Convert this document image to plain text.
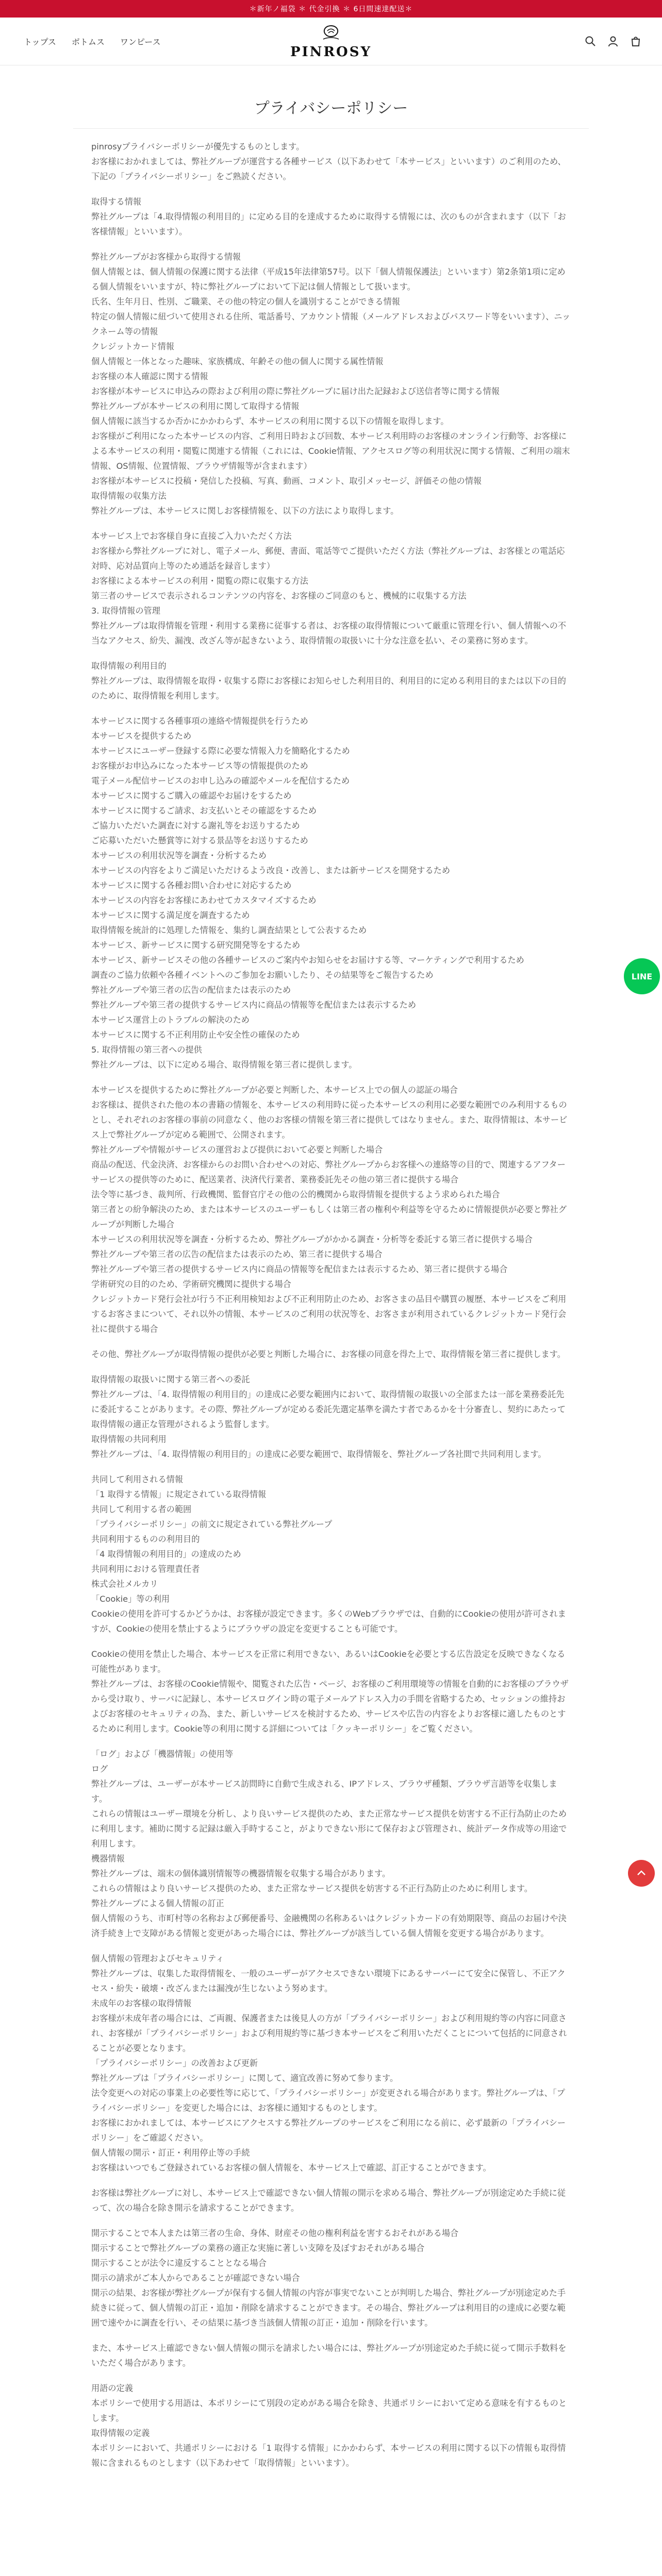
＊新年ノ福袋 ＊ 代金引換 ＊ 6日間速達配送＊
トップス ボトムス ワンピース
PINROSY
プライバシーポリシー

pinrosyプライバシーポリシーが優先するものとします。

お客様におかれましては、弊社グループが運営する各種サービス（以下あわせて「本サービス」といいます）のご利用のため、下記の「プライバシーポリシー」をご熟読ください。

取得する情報

弊社グループは「4.取得情報の利用目的」に定める目的を達成するために取得する情報には、次のものが含まれます（以下「お客様情報」といいます）。

弊社グループがお客様から取得する情報

個人情報とは、個人情報の保護に関する法律（平成15年法律第57号。以下「個人情報保護法」といいます）第2条第1項に定める個人情報をいいますが、特に弊社グループにおいて下記は個人情報として扱います。

氏名、生年月日、性別、ご職業、その他の特定の個人を識別することができる情報

特定の個人情報に紐づいて使用される住所、電話番号、アカウント情報（メールアドレスおよびパスワード等をいいます）、ニックネーム等の情報

クレジットカード情報

個人情報と一体となった趣味、家族構成、年齢その他の個人に関する属性情報

お客様の本人確認に関する情報

お客様が本サービスに申込みの際および利用の際に弊社グループに届け出た記録および送信者等に関する情報

弊社グループが本サービスの利用に関して取得する情報

個人情報に該当するか否かにかかわらず、本サービスの利用に関する以下の情報を取得します。

お客様がご利用になった本サービスの内容、ご利用日時および回数、本サービス利用時のお客様のオンライン行動等、お客様による本サービスの利用・閲覧に関連する情報（これには、Cookie情報、アクセスログ等の利用状況に関する情報、ご利用の端末情報、OS情報、位置情報、ブラウザ情報等が含まれます）

お客様が本サービスに投稿・発信した投稿、写真、動画、コメント、取引メッセージ、評価その他の情報

取得情報の収集方法

弊社グループは、本サービスに関しお客様情報を、以下の方法により取得します。

本サービス上でお客様自身に直接ご入力いただく方法

お客様から弊社グループに対し、電子メール、郵便、書面、電話等でご提供いただく方法（弊社グループは、お客様との電話応対時、応対品質向上等のため通話を録音します）

お客様による本サービスの利用・閲覧の際に収集する方法

第三者のサービスで表示されるコンテンツの内容を、お客様のご同意のもと、機械的に収集する方法

3. 取得情報の管理

弊社グループは取得情報を管理・利用する業務に従事する者は、お客様の取得情報について厳重に管理を行い、個人情報への不当なアクセス、紛失、漏洩、改ざん等が起きないよう、取得情報の取扱いに十分な注意を払い、その業務に努めます。

取得情報の利用目的

弊社グループは、取得情報を取得・収集する際にお客様にお知らせした利用目的、利用目的に定める利用目的または以下の目的のために、取得情報を利用します。

本サービスに関する各種事項の連絡や情報提供を行うため

本サービスを提供するため

本サービスにユーザー登録する際に必要な情報入力を簡略化するため

お客様がお申込みになった本サービス等の情報提供のため

電子メール配信サービスのお申し込みの確認やメールを配信するため

本サービスに関するご購入の確認やお届けをするため

本サービスに関するご請求、お支払いとその確認をするため

ご協力いただいた調査に対する謝礼等をお送りするため

ご応募いただいた懸賞等に対する景品等をお送りするため

本サービスの利用状況等を調査・分析するため

本サービスの内容をよりご満足いただけるよう改良・改善し、または新サービスを開発するため

本サービスに関する各種お問い合わせに対応するため

本サービスの内容をお客様にあわせてカスタマイズするため

本サービスに関する満足度を調査するため

取得情報を統計的に処理した情報を、集約し調査結果として公表するため

本サービス、新サービスに関する研究開発等をするため

本サービス、新サービスその他の各種サービスのご案内やお知らせをお届けする等、マーケティングで利用するため

調査のご協力依頼や各種イベントへのご参加をお願いしたり、その結果等をご報告するため

弊社グループや第三者の広告の配信または表示のため

弊社グループや第三者の提供するサービス内に商品の情報等を配信または表示するため

本サービス運営上のトラブルの解決のため

本サービスに関する不正利用防止や安全性の確保のため

5. 取得情報の第三者への提供

弊社グループは、以下に定める場合、取得情報を第三者に提供します。

本サービスを提供するために弊社グループが必要と判断した、本サービス上での個人の認証の場合

お客様は、提供された他の本の書籍の情報を、本サービスの利用時に従った本サービスの利用に必要な範囲でのみ利用するものとし、それぞれのお客様の事前の同意なく、他のお客様の情報を第三者に提供してはなりません。また、取得情報は、本サービス上で弊社グループが定める範囲で、公開されます。

弊社グループや情報がサービスの運営および提供において必要と判断した場合

商品の配送、代金決済、お客様からのお問い合わせへの対応、弊社グループからお客様への連絡等の目的で、関連するアフターサービスの提供等のために、配送業者、決済代行業者、業務委託先その他の第三者に提供する場合

法令等に基づき、裁判所、行政機関、監督官庁その他の公的機関から取得情報を提供するよう求められた場合

第三者との紛争解決のため、または本サービスのユーザーもしくは第三者の権利や利益等を守るために情報提供が必要と弊社グループが判断した場合

本サービスの利用状況等を調査・分析するため、弊社グループがかかる調査・分析等を委託する第三者に提供する場合

弊社グループや第三者の広告の配信または表示のため、第三者に提供する場合

弊社グループや第三者の提供するサービス内に商品の情報等を配信または表示するため、第三者に提供する場合

学術研究の目的のため、学術研究機関に提供する場合

クレジットカード発行会社が行う不正利用検知および不正利用防止のため、お客さまの品目や購買の履歴、本サービスをご利用するお客さまについて、それ以外の情報、本サービスのご利用の状況等を、お客さまが利用されているクレジットカード発行会社に提供する場合

その他、弊社グループが取得情報の提供が必要と判断した場合に、お客様の同意を得た上で、取得情報を第三者に提供します。

取得情報の取扱いに関する第三者への委託

弊社グループは、「4. 取得情報の利用目的」の達成に必要な範囲内において、取得情報の取扱いの全部または一部を業務委託先に委託することがあります。その際、弊社グループが定める委託先選定基準を満たす者であるかを十分審査し、契約にあたって取得情報の適正な管理がされるよう監督します。

取得情報の共同利用

弊社グループは、「4. 取得情報の利用目的」の達成に必要な範囲で、取得情報を、弊社グループ各社間で共同利用します。

共同して利用される情報

「1 取得する情報」に規定されている取得情報

共同して利用する者の範囲

「プライバシーポリシー」の前文に規定されている弊社グループ

共同利用するものの利用目的

「4 取得情報の利用目的」の達成のため

共同利用における管理責任者

株式会社メルカリ

「Cookie」等の利用

Cookieの使用を許可するかどうかは、お客様が設定できます。多くのWebブラウザでは、自動的にCookieの使用が許可されますが、Cookieの使用を禁止するようにブラウザの設定を変更することも可能です。

Cookieの使用を禁止した場合、本サービスを正常に利用できない、あるいはCookieを必要とする広告設定を反映できなくなる可能性があります。

弊社グループは、お客様のCookie情報や、閲覧された広告・ページ、お客様のご利用環境等の情報を自動的にお客様のブラウザから受け取り、サーバに記録し、本サービスログイン時の電子メールアドレス入力の手間を省略するため、セッションの維持およびお客様のセキュリティの為、また、新しいサービスを検討するため、サービスや広告の内容をよりお客様に適したものとするために利用します。Cookie等の利用に関する詳細については「クッキーポリシー」をご覧ください。

「ログ」および「機器情報」の使用等

ログ

弊社グループは、ユーザーが本サービス訪問時に自動で生成される、IPアドレス、ブラウザ種類、ブラウザ言語等を収集します。

これらの情報はユーザー環境を分析し、より良いサービス提供のため、また正常なサービス提供を妨害する不正行為防止のために利用します。補助に関する記録は厳入手時すること，がよりできない形にて保存および管理され、統計データ作成等の用途で利用します。

機器情報

弊社グループは、端末の個体識別情報等の機器情報を収集する場合があります。

これらの情報はより良いサービス提供のため、また正常なサービス提供を妨害する不正行為防止のために利用します。

弊社グループによる個人情報の訂正

個人情報のうち、市町村等の名称および郵便番号、金融機関の名称あるいはクレジットカードの有効期限等、商品のお届けや決済手続き上で支障がある情報と変更があった場合には、弊社グループが該当している個人情報を変更する場合があります。

個人情報の管理およびセキュリティ

弊社グループは、収集した取得情報を、一般のユーザーがアクセスできない環境下にあるサーバーにて安全に保管し、不正アクセス・紛失・破壊・改ざんまたは漏洩が生じないよう努めます。

未成年のお客様の取得情報

お客様が未成年者の場合には、ご両親、保護者または後見人の方が「プライバシーポリシー」および利用規約等の内容に同意され、お客様が「プライバシーポリシー」および利用規約等に基づき本サービスをご利用いただくことについて包括的に同意されることが必要となります。

「プライバシーポリシー」の改善および更新

弊社グループは「プライバシーポリシー」に関して、適宜改善に努めて参ります。

法令変更への対応の事業上の必要性等に応じて、「プライバシーポリシー」が変更される場合があります。弊社グループは、「プライバシーポリシー」を変更した場合には、お客様に通知するものとします。

お客様におかれましては、本サービスにアクセスする弊社グループのサービスをご利用になる前に、必ず最新の「プライバシーポリシー」をご確認ください。

個人情報の開示・訂正・利用停止等の手続

お客様はいつでもご登録されているお客様の個人情報を、本サービス上で確認、訂正することができます。

お客様は弊社グループに対し、本サービス上で確認できない個人情報の開示を求める場合、弊社グループが別途定めた手続に従って、次の場合を除き開示を請求することができます。

開示することで本人または第三者の生命、身体、財産その他の権利利益を害するおそれがある場合

開示することで弊社グループの業務の適正な実施に著しい支障を及ぼすおそれがある場合

開示することが法令に違反することとなる場合

開示の請求がご本人からであることが確認できない場合

開示の結果、お客様が弊社グループが保有する個人情報の内容が事実でないことが判明した場合、弊社グループが別途定めた手続きに従って、個人情報の訂正・追加・削除を請求することができます。その場合、弊社グループは利用目的の達成に必要な範囲で速やかに調査を行い、その結果に基づき当該個人情報の訂正・追加・削除を行います。

また、本サービス上確認できない個人情報の開示を請求したい場合には、弊社グループが別途定めた手続に従って開示手数料をいただく場合があります。

用語の定義

本ポリシーで使用する用語は、本ポリシーにて別段の定めがある場合を除き、共通ポリシーにおいて定める意味を有するものとします。

取得情報の定義

本ポリシーにおいて、共通ポリシーにおける「1 取得する情報」にかかわらず、本サービスの利用に関する以下の情報も取得情報に含まれるものとします（以下あわせて「取得情報」といいます）。

LINE
